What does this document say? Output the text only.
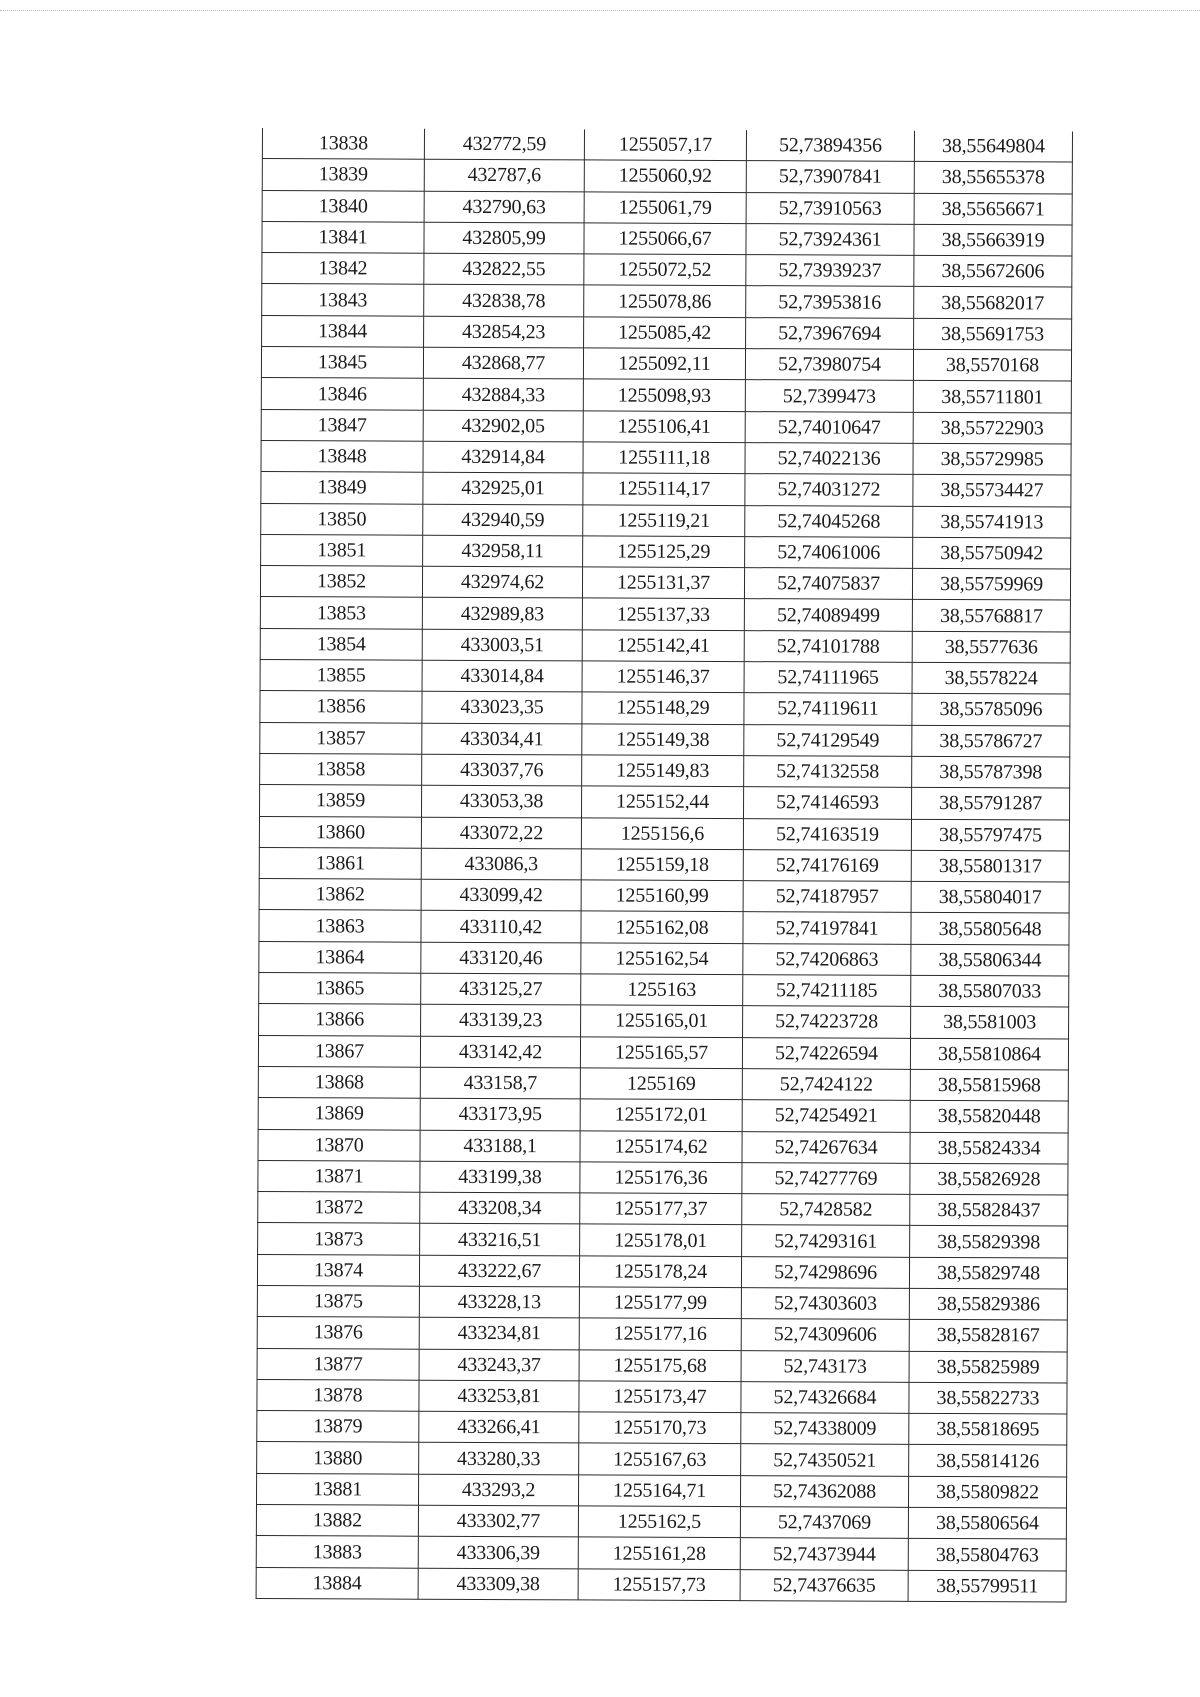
13838	432772,59	1255057,17	52,73894356	38,55649804
13839	432787,6	1255060,92	52,73907841	38,55655378
13840	432790,63	1255061,79	52,73910563	38,55656671
13841	432805,99	1255066,67	52,73924361	38,55663919
13842	432822,55	1255072,52	52,73939237	38,55672606
13843	432838,78	1255078,86	52,73953816	38,55682017
13844	432854,23	1255085,42	52,73967694	38,55691753
13845	432868,77	1255092,11	52,73980754	38,5570168
13846	432884,33	1255098,93	52,7399473	38,55711801
13847	432902,05	1255106,41	52,74010647	38,55722903
13848	432914,84	1255111,18	52,74022136	38,55729985
13849	432925,01	1255114,17	52,74031272	38,55734427
13850	432940,59	1255119,21	52,74045268	38,55741913
13851	432958,11	1255125,29	52,74061006	38,55750942
13852	432974,62	1255131,37	52,74075837	38,55759969
13853	432989,83	1255137,33	52,74089499	38,55768817
13854	433003,51	1255142,41	52,74101788	38,5577636
13855	433014,84	1255146,37	52,74111965	38,5578224
13856	433023,35	1255148,29	52,74119611	38,55785096
13857	433034,41	1255149,38	52,74129549	38,55786727
13858	433037,76	1255149,83	52,74132558	38,55787398
13859	433053,38	1255152,44	52,74146593	38,55791287
13860	433072,22	1255156,6	52,74163519	38,55797475
13861	433086,3	1255159,18	52,74176169	38,55801317
13862	433099,42	1255160,99	52,74187957	38,55804017
13863	433110,42	1255162,08	52,74197841	38,55805648
13864	433120,46	1255162,54	52,74206863	38,55806344
13865	433125,27	1255163	52,74211185	38,55807033
13866	433139,23	1255165,01	52,74223728	38,5581003
13867	433142,42	1255165,57	52,74226594	38,55810864
13868	433158,7	1255169	52,7424122	38,55815968
13869	433173,95	1255172,01	52,74254921	38,55820448
13870	433188,1	1255174,62	52,74267634	38,55824334
13871	433199,38	1255176,36	52,74277769	38,55826928
13872	433208,34	1255177,37	52,7428582	38,55828437
13873	433216,51	1255178,01	52,74293161	38,55829398
13874	433222,67	1255178,24	52,74298696	38,55829748
13875	433228,13	1255177,99	52,74303603	38,55829386
13876	433234,81	1255177,16	52,74309606	38,55828167
13877	433243,37	1255175,68	52,743173	38,55825989
13878	433253,81	1255173,47	52,74326684	38,55822733
13879	433266,41	1255170,73	52,74338009	38,55818695
13880	433280,33	1255167,63	52,74350521	38,55814126
13881	433293,2	1255164,71	52,74362088	38,55809822
13882	433302,77	1255162,5	52,7437069	38,55806564
13883	433306,39	1255161,28	52,74373944	38,55804763
13884	433309,38	1255157,73	52,74376635	38,55799511
